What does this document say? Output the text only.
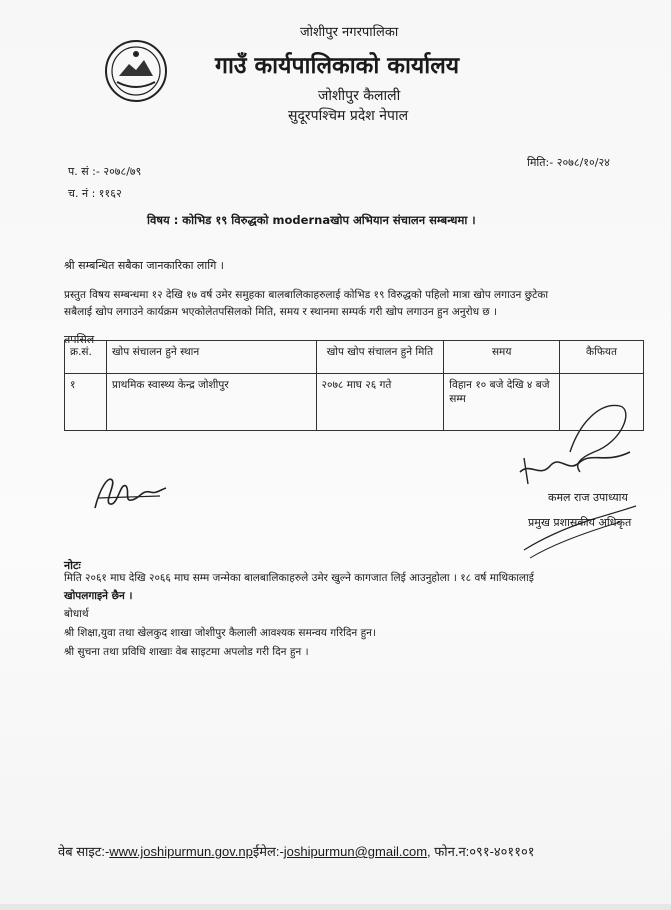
जोशीपुर नगरपालिका
गाउँ कार्यपालिकाको कार्यालय
जोशीपुर कैलाली
सुदूरपश्चिम प्रदेश नेपाल
प. सं :- २०७८/७९
च. नं : ११६२
मिति:- २०७८/१०/२४
विषय : कोभिड १९ विरुद्धको modernaखोप अभियान संचालन सम्बन्धमा ।
श्री सम्बन्धित सबैका जानकारिका लागि ।
प्रस्तुत विषय सम्बन्धमा १२ देखि १७ वर्ष उमेर समुहका बालबालिकाहरुलाई कोभिड १९ विरुद्धको पहिलो मात्रा खोप लगाउन छुटेका
सबैलाई खोप लगाउने कार्यक्रम भएकोलेतपसिलको मिति, समय र स्थानमा सम्पर्क गरी खोप लगाउन हुन अनुरोध छ ।
तपसिल
क्र.सं.	खोप संचालन हुने स्थान	खोप खोप संचालन हुने मिति	समय	कैफियत
१	प्राथमिक स्वास्थ्य केन्द्र जोशीपुर	२०७८ माघ २६ गते	विहान १० बजे देखि ४ बजे सम्म	
कमल राज उपाध्याय
प्रमुख प्रशासकीय अधिकृत
नोटः
मिति २०६१ माघ देखि २०६६ माघ सम्म जन्मेका बालबालिकाहरुले उमेर खुल्ने कागजात लिई आउनुहोला । १८ वर्ष माथिकालाई
खोपलगाइने छैन ।
बोधार्थ
श्री शिक्षा,युवा तथा खेलकुद शाखा जोशीपुर कैलाली आवश्यक समन्वय गरिदिन हुन।
श्री सुचना तथा प्रविधि शाखाः वेब साइटमा अपलोड गरी दिन हुन ।
वेब साइट:-www.joshipurmun.gov.npईमेल:-joshipurmun@gmail.com, फोन.न:०९१-४०११०१
